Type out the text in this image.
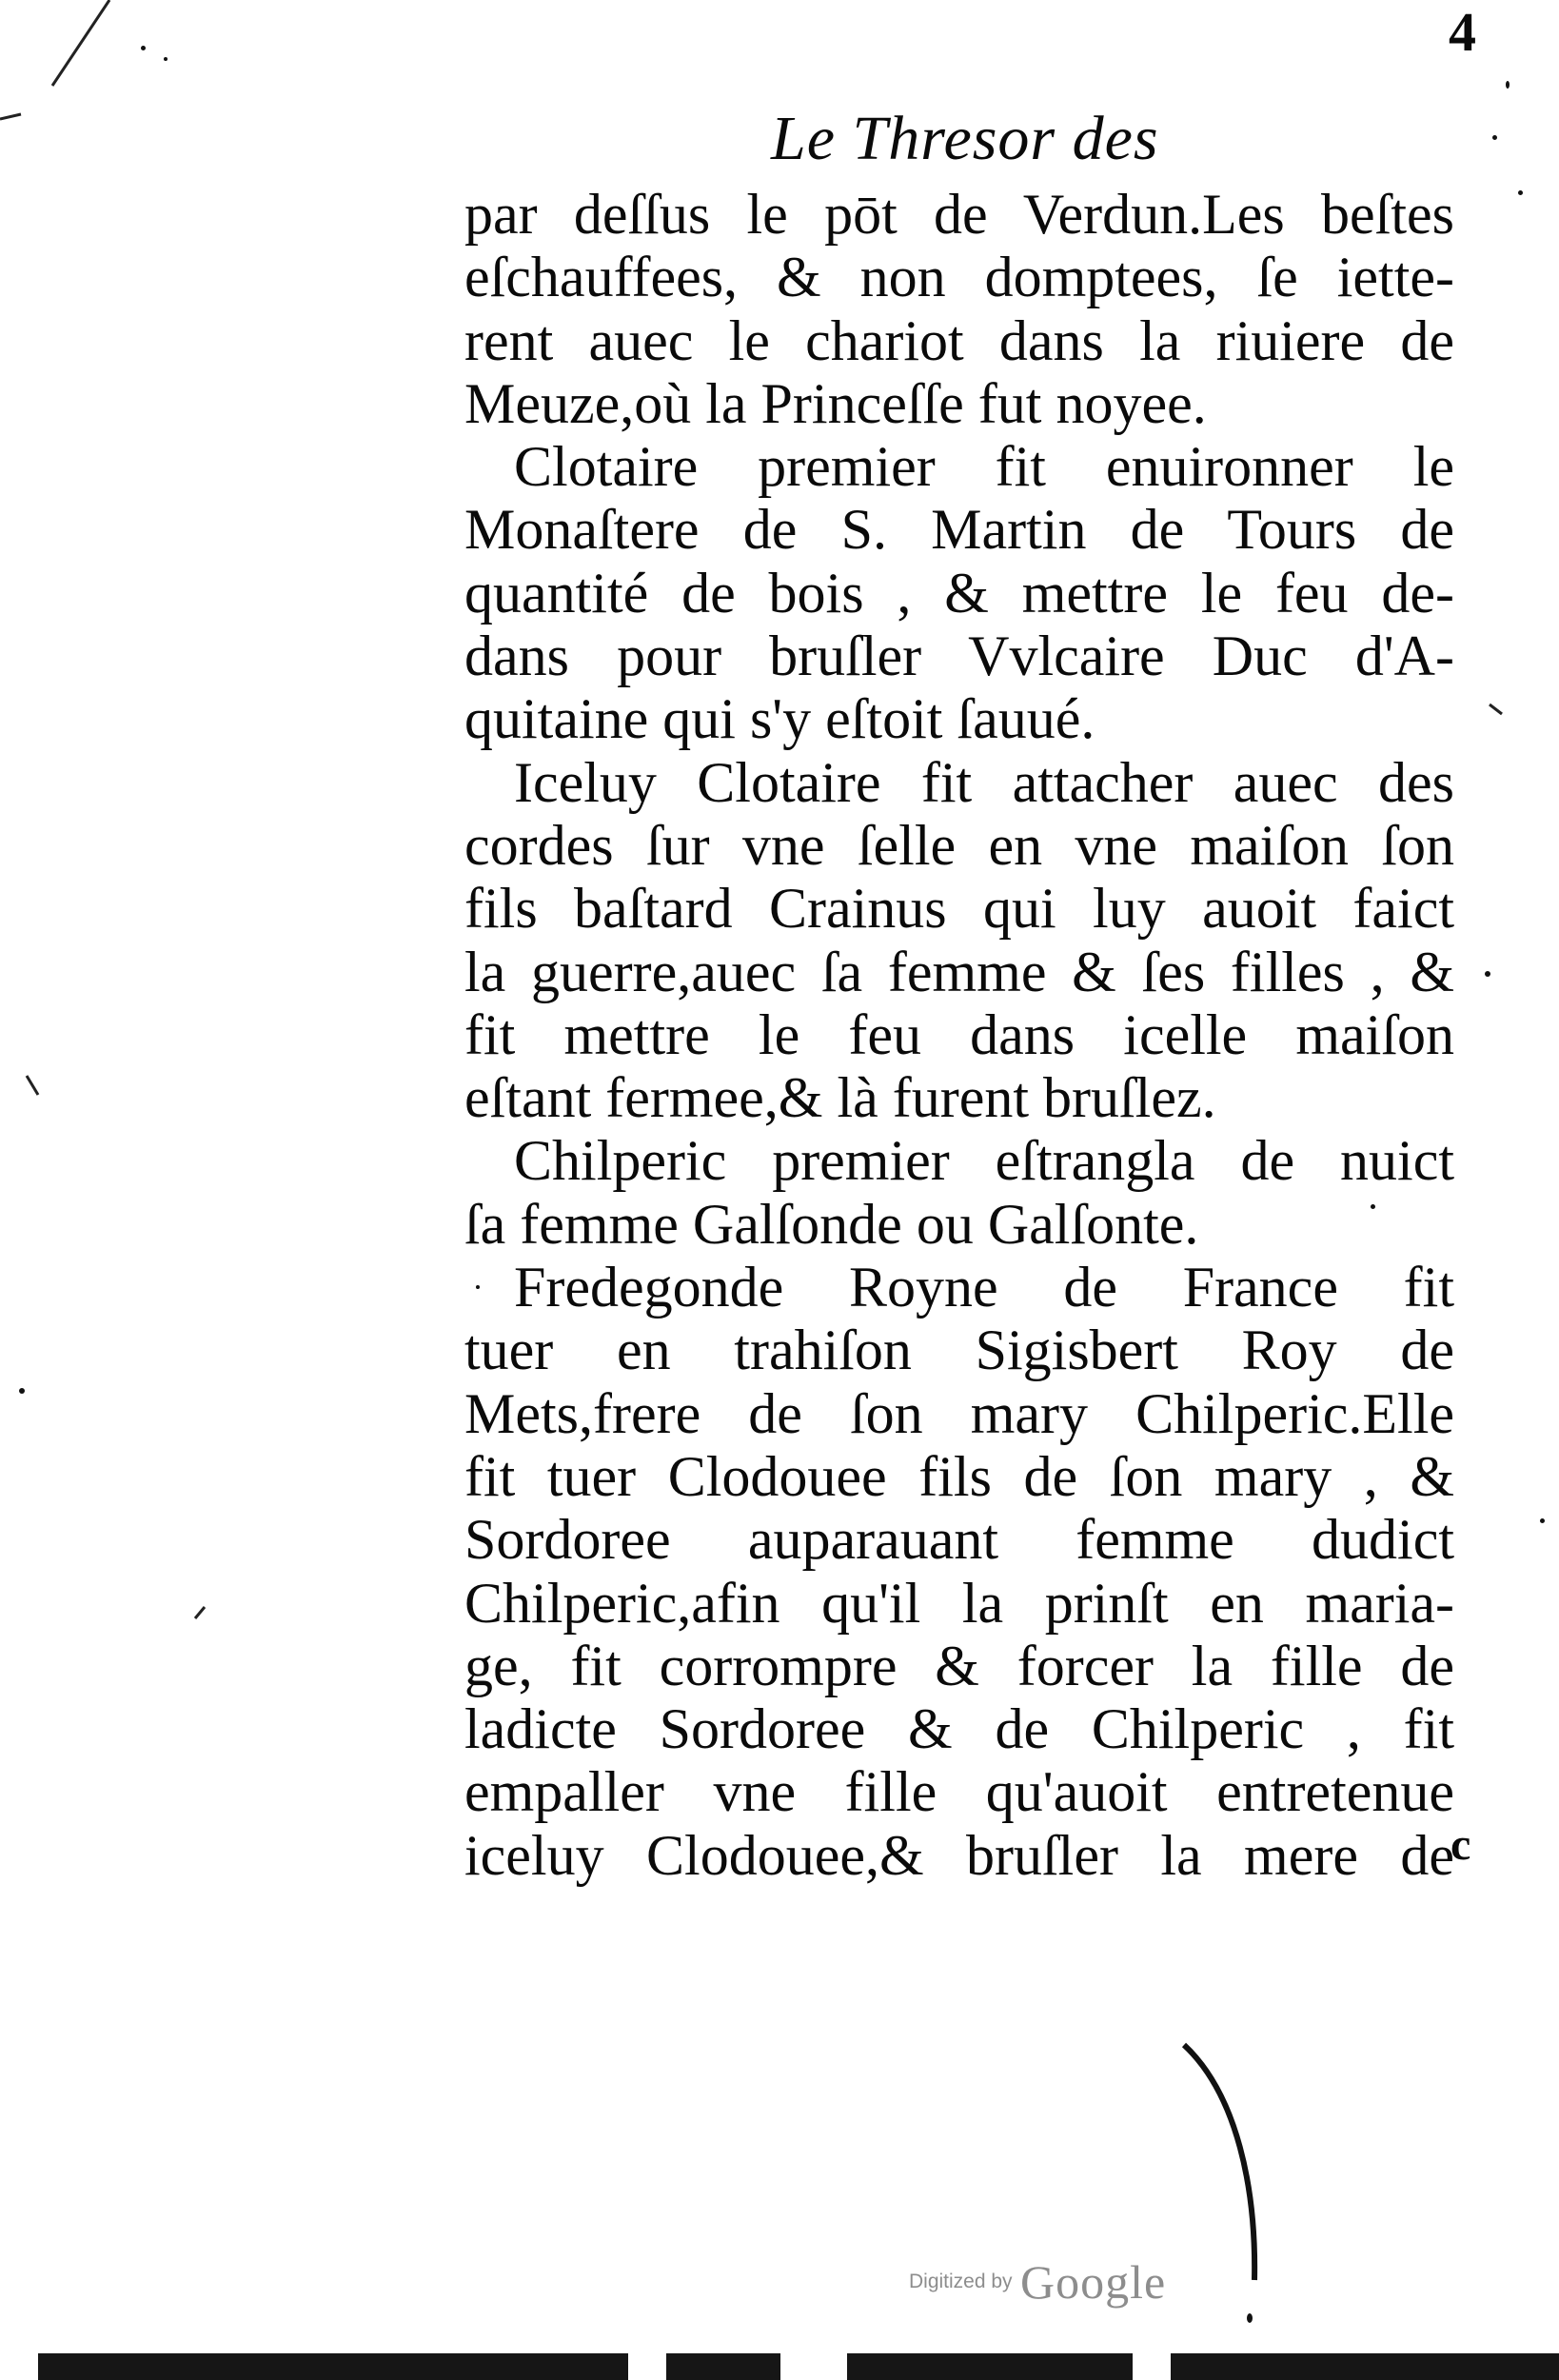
4
Le Thresor des
par deſſus le pōt de Verdun.Les beſtes
eſchauffees, & non domptees, ſe iette-
rent auec le chariot dans la riuiere de
Meuze,où la Princeſſe fut noyee.
Clotaire premier fit enuironner le
Monaſtere de S. Martin de Tours de
quantité de bois , & mettre le feu de-
dans pour bruſler Vvlcaire Duc d'A-
quitaine qui s'y eſtoit ſauué.
Iceluy Clotaire fit attacher auec des
cordes ſur vne ſelle en vne maiſon ſon
fils baſtard Crainus qui luy auoit faict
la guerre,auec ſa femme & ſes filles , &
fit mettre le feu dans icelle maiſon
eſtant fermee,& là furent bruſlez.
Chilperic premier eſtrangla de nuict
ſa femme Galſonde ou Galſonte.
Fredegonde Royne de France fit
tuer en trahiſon Sigisbert Roy de
Mets,frere de ſon mary Chilperic.Elle
fit tuer Clodouee fils de ſon mary , &
Sordoree auparauant femme dudict
Chilperic,afin qu'il la prinſt en maria-
ge, fit corrompre & forcer la fille de
ladicte Sordoree & de Chilperic , fit
empaller vne fille qu'auoit entretenue
iceluy Clodouee,& bruſler la mere de
c
Digitized by Google
